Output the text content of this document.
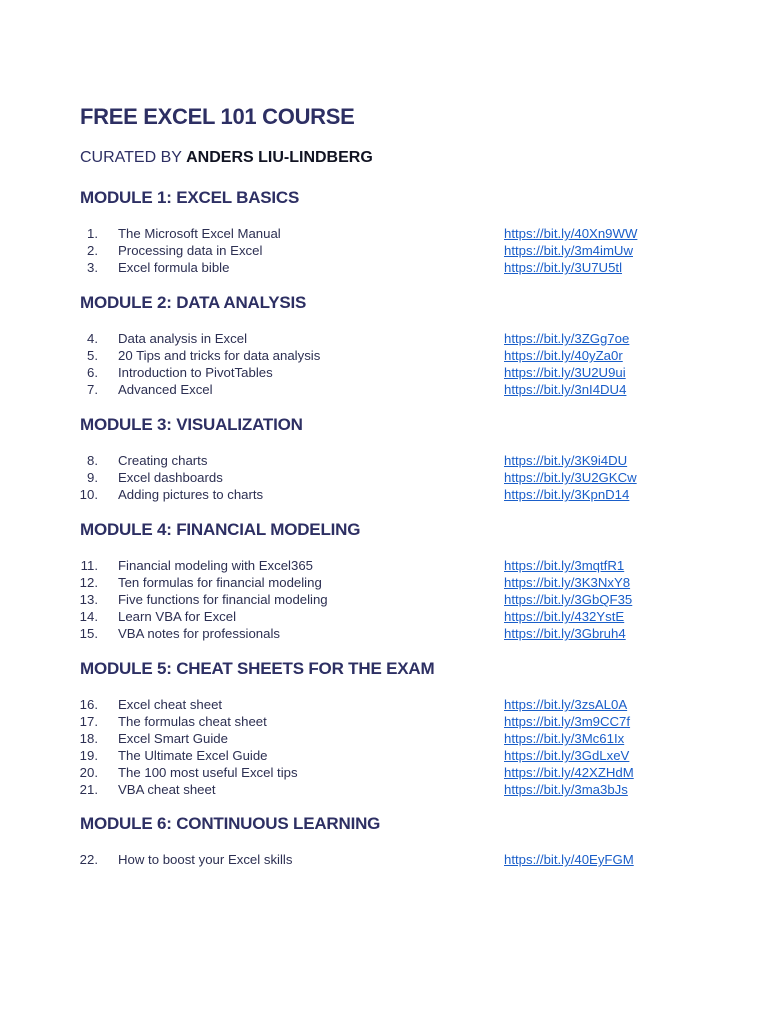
FREE EXCEL 101 COURSE

CURATED BY ANDERS LIU-LINDBERG

MODULE 1: EXCEL BASICS
1. The Microsoft Excel Manual	https://bit.ly/40Xn9WW
2. Processing data in Excel	https://bit.ly/3m4imUw
3. Excel formula bible	https://bit.ly/3U7U5tl
MODULE 2: DATA ANALYSIS
4. Data analysis in Excel	https://bit.ly/3ZGg7oe
5. 20 Tips and tricks for data analysis	https://bit.ly/40yZa0r
6. Introduction to PivotTables	https://bit.ly/3U2U9ui
7. Advanced Excel	https://bit.ly/3nI4DU4
MODULE 3: VISUALIZATION
8. Creating charts	https://bit.ly/3K9i4DU
9. Excel dashboards	https://bit.ly/3U2GKCw
10. Adding pictures to charts	https://bit.ly/3KpnD14
MODULE 4: FINANCIAL MODELING
11. Financial modeling with Excel365	https://bit.ly/3mqtfR1
12. Ten formulas for financial modeling	https://bit.ly/3K3NxY8
13. Five functions for financial modeling	https://bit.ly/3GbQF35
14. Learn VBA for Excel	https://bit.ly/432YstE
15. VBA notes for professionals	https://bit.ly/3Gbruh4
MODULE 5: CHEAT SHEETS FOR THE EXAM
16. Excel cheat sheet	https://bit.ly/3zsAL0A
17. The formulas cheat sheet	https://bit.ly/3m9CC7f
18. Excel Smart Guide	https://bit.ly/3Mc61Ix
19. The Ultimate Excel Guide	https://bit.ly/3GdLxeV
20. The 100 most useful Excel tips	https://bit.ly/42XZHdM
21. VBA cheat sheet	https://bit.ly/3ma3bJs
MODULE 6: CONTINUOUS LEARNING
22. How to boost your Excel skills	https://bit.ly/40EyFGM
